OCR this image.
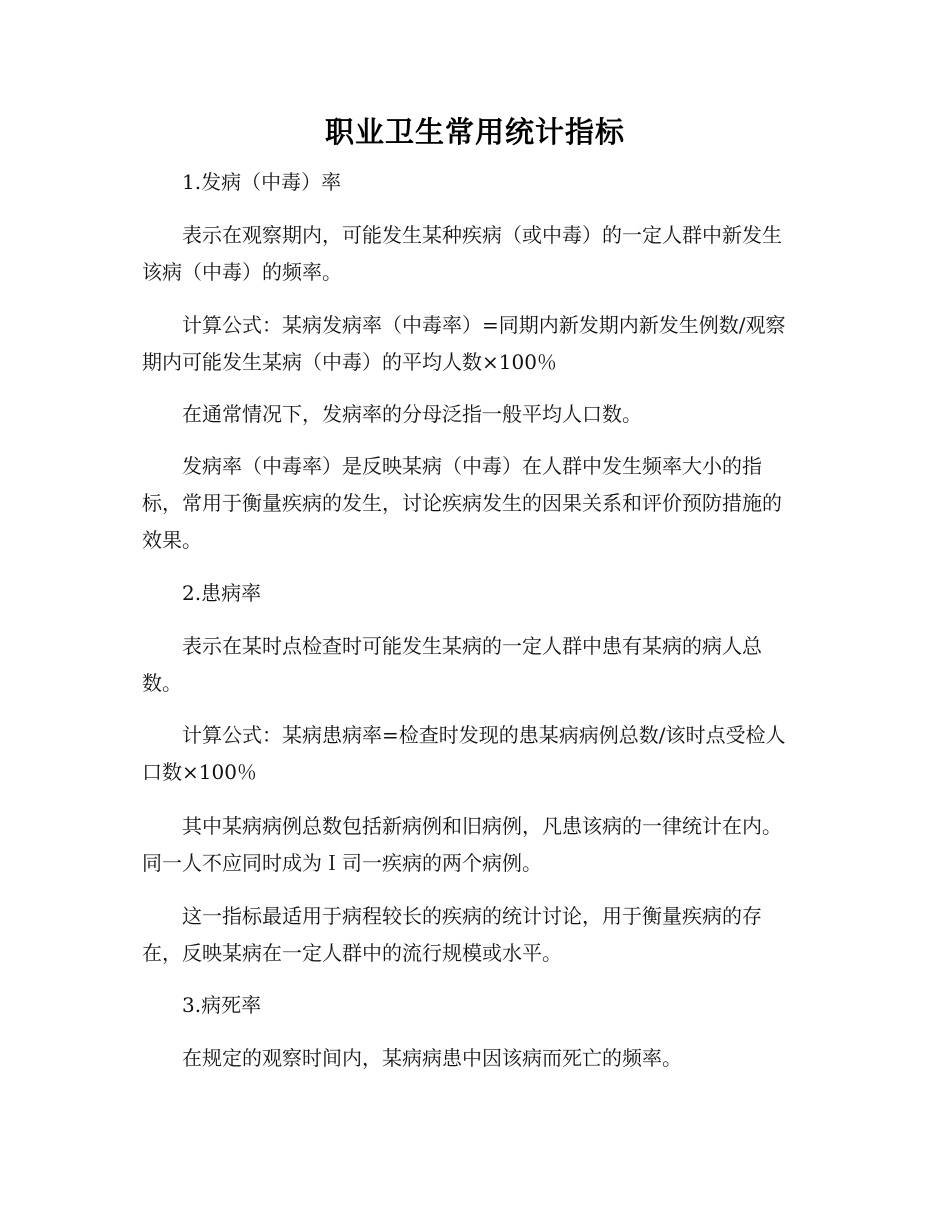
职业卫生常用统计指标

1.发病（中毒）率

表示在观察期内，可能发生某种疾病（或中毒）的一定人群中新发生该病（中毒）的频率。

计算公式：某病发病率（中毒率）=同期内新发期内新发生例数/观察期内可能发生某病（中毒）的平均人数×100％

在通常情况下，发病率的分母泛指一般平均人口数。

发病率（中毒率）是反映某病（中毒）在人群中发生频率大小的指标，常用于衡量疾病的发生，讨论疾病发生的因果关系和评价预防措施的效果。

2.患病率

表示在某时点检查时可能发生某病的一定人群中患有某病的病人总数。

计算公式：某病患病率=检查时发现的患某病病例总数/该时点受检人口数×100％

其中某病病例总数包括新病例和旧病例，凡患该病的一律统计在内。同一人不应同时成为Ｉ司一疾病的两个病例。

这一指标最适用于病程较长的疾病的统计讨论，用于衡量疾病的存在，反映某病在一定人群中的流行规模或水平。

3.病死率

在规定的观察时间内，某病病患中因该病而死亡的频率。
